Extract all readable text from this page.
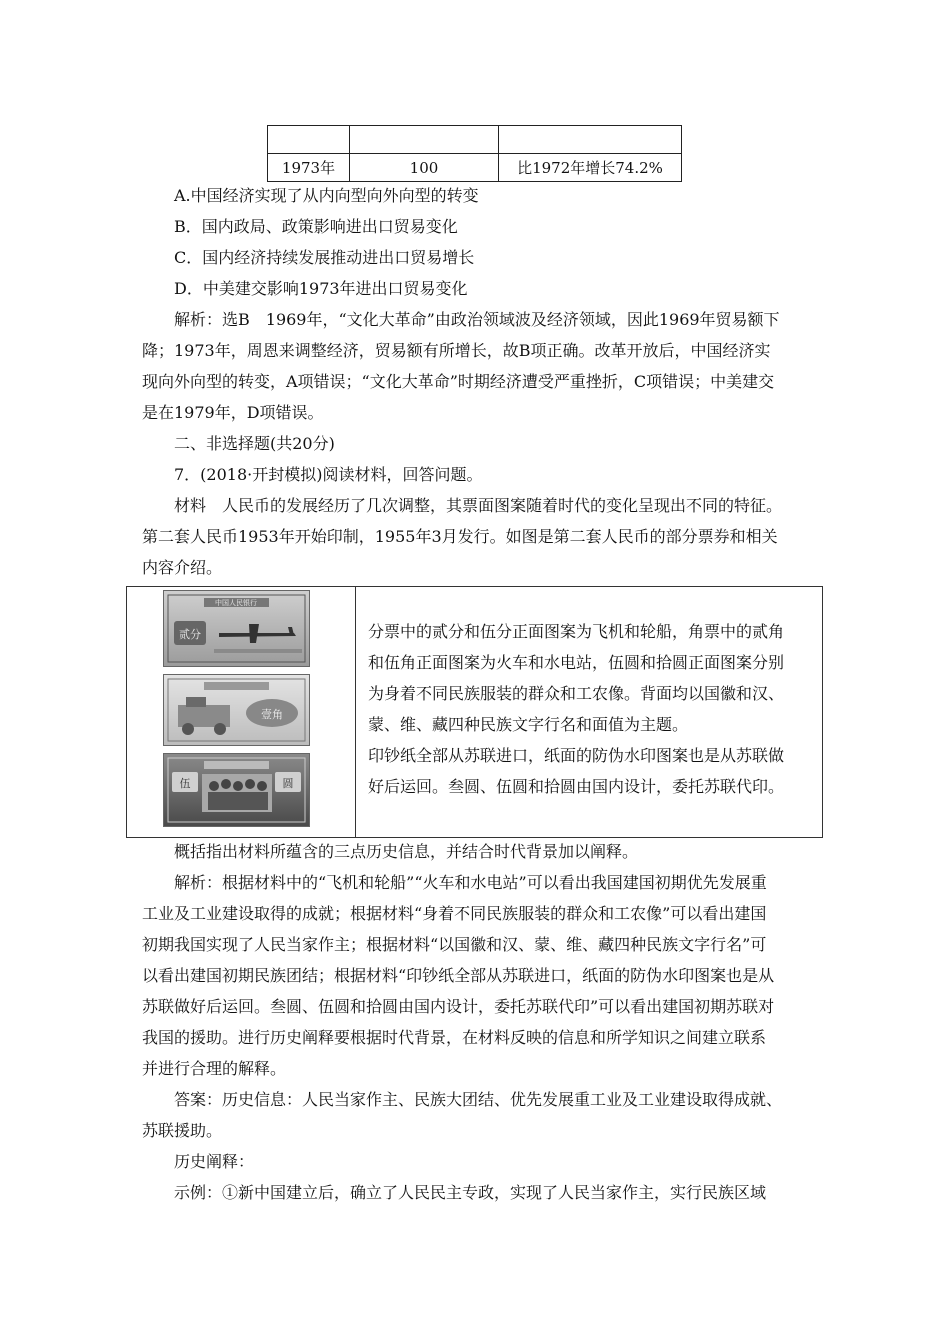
1973年	100	比1972年增长74.2%
A.中国经济实现了从内向型向外向型的转变
B．国内政局、政策影响进出口贸易变化
C．国内经济持续发展推动进出口贸易增长
D．中美建交影响1973年进出口贸易变化
解析：选B　1969年，“文化大革命”由政治领域波及经济领域，因此1969年贸易额下
降；1973年，周恩来调整经济，贸易额有所增长，故B项正确。改革开放后，中国经济实
现向外向型的转变，A项错误；“文化大革命”时期经济遭受严重挫折，C项错误；中美建交
是在1979年，D项错误。
二、非选择题(共20分)
7．(2018·开封模拟)阅读材料，回答问题。
材料　人民币的发展经历了几次调整，其票面图案随着时代的变化呈现出不同的特征。
第二套人民币1953年开始印制，1955年3月发行。如图是第二套人民币的部分票券和相关
内容介绍。
中国人民银行
贰分
壹角
伍	圆
分票中的贰分和伍分正面图案为飞机和轮船，角票中的贰角
和伍角正面图案为火车和水电站，伍圆和拾圆正面图案分别
为身着不同民族服装的群众和工农像。背面均以国徽和汉、
蒙、维、藏四种民族文字行名和面值为主题。
印钞纸全部从苏联进口，纸面的防伪水印图案也是从苏联做
好后运回。叁圆、伍圆和拾圆由国内设计，委托苏联代印。
概括指出材料所蕴含的三点历史信息，并结合时代背景加以阐释。
解析：根据材料中的“飞机和轮船”“火车和水电站”可以看出我国建国初期优先发展重
工业及工业建设取得的成就；根据材料“身着不同民族服装的群众和工农像”可以看出建国
初期我国实现了人民当家作主；根据材料“以国徽和汉、蒙、维、藏四种民族文字行名”可
以看出建国初期民族团结；根据材料“印钞纸全部从苏联进口，纸面的防伪水印图案也是从
苏联做好后运回。叁圆、伍圆和拾圆由国内设计，委托苏联代印”可以看出建国初期苏联对
我国的援助。进行历史阐释要根据时代背景，在材料反映的信息和所学知识之间建立联系
并进行合理的解释。
答案：历史信息：人民当家作主、民族大团结、优先发展重工业及工业建设取得成就、
苏联援助。
历史阐释：
示例：①新中国建立后，确立了人民民主专政，实现了人民当家作主，实行民族区域
